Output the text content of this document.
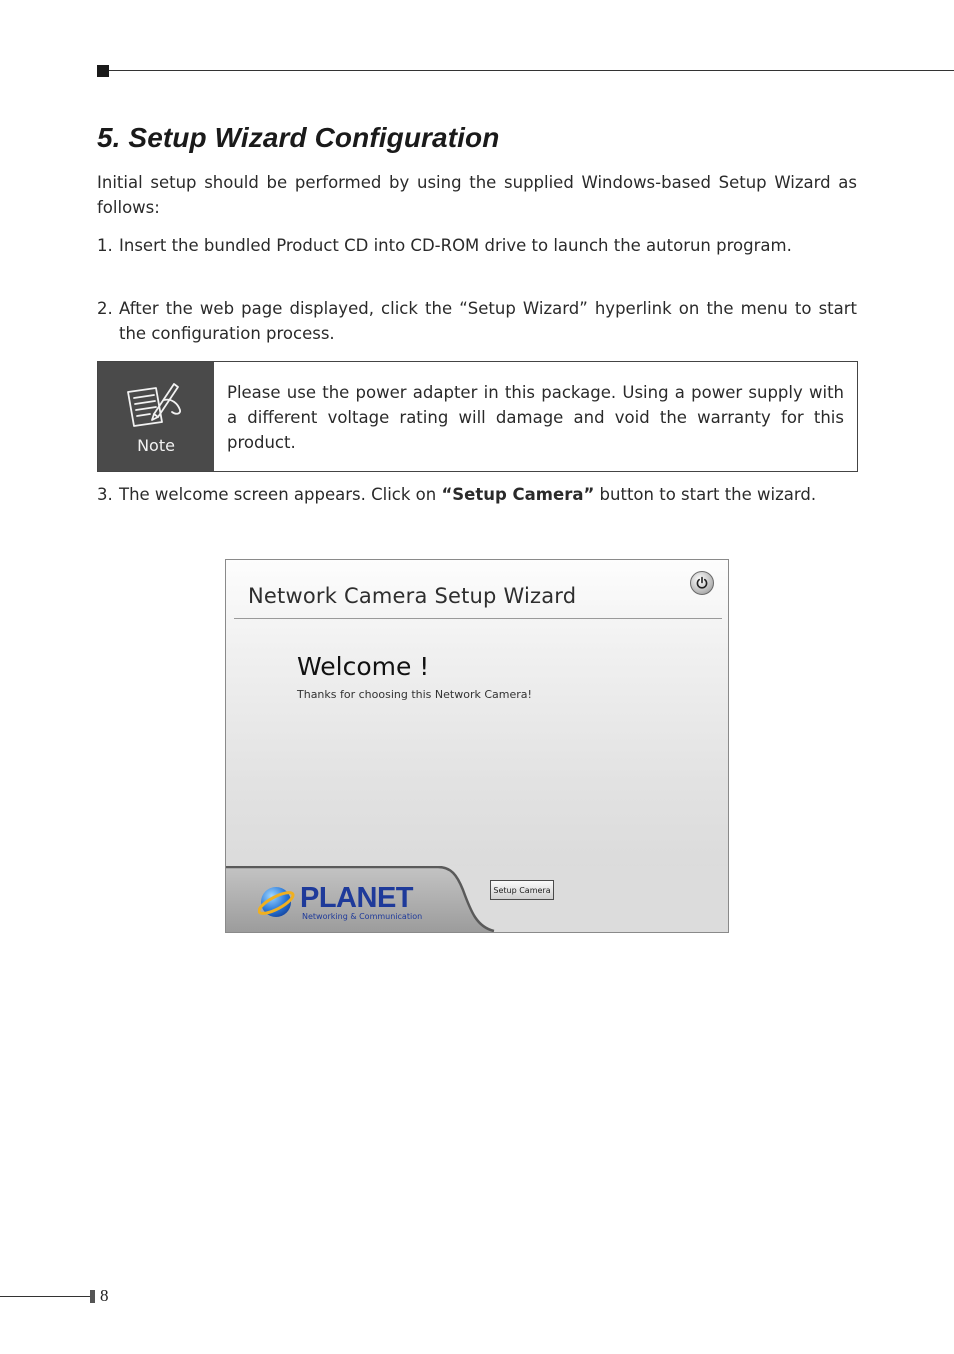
5. Setup Wizard Configuration

Initial setup should be performed by using the supplied Windows-based Setup Wizard as follows:

1. Insert the bundled Product CD into CD-ROM drive to launch the autorun program.
2. After the web page displayed, click the “Setup Wizard” hyperlink on the menu to start the configuration process.
Note

Please use the power adapter in this package. Using a power supply with a different voltage rating will damage and void the warranty for this product.

3. The welcome screen appears. Click on “Setup Camera” button to start the wizard.
Network Camera Setup Wizard
Welcome !
Thanks for choosing this Network Camera!
PLANET
Networking & Communication
Setup Camera
8
